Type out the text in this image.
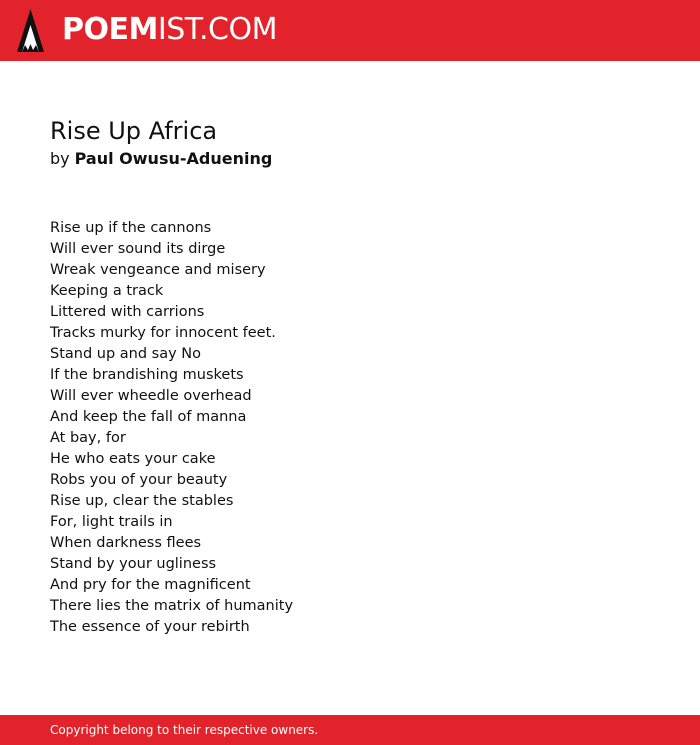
POEMIST.COM
Rise Up Africa
by Paul Owusu-Aduening
Rise up if the cannons
Will ever sound its dirge
Wreak vengeance and misery
Keeping a track
Littered with carrions
Tracks murky for innocent feet.
Stand up and say No
If the brandishing muskets
Will ever wheedle overhead
And keep the fall of manna
At bay, for
He who eats your cake
Robs you of your beauty
Rise up, clear the stables
For, light trails in
When darkness flees
Stand by your ugliness
And pry for the magnificent
There lies the matrix of humanity
The essence of your rebirth
Copyright belong to their respective owners.
